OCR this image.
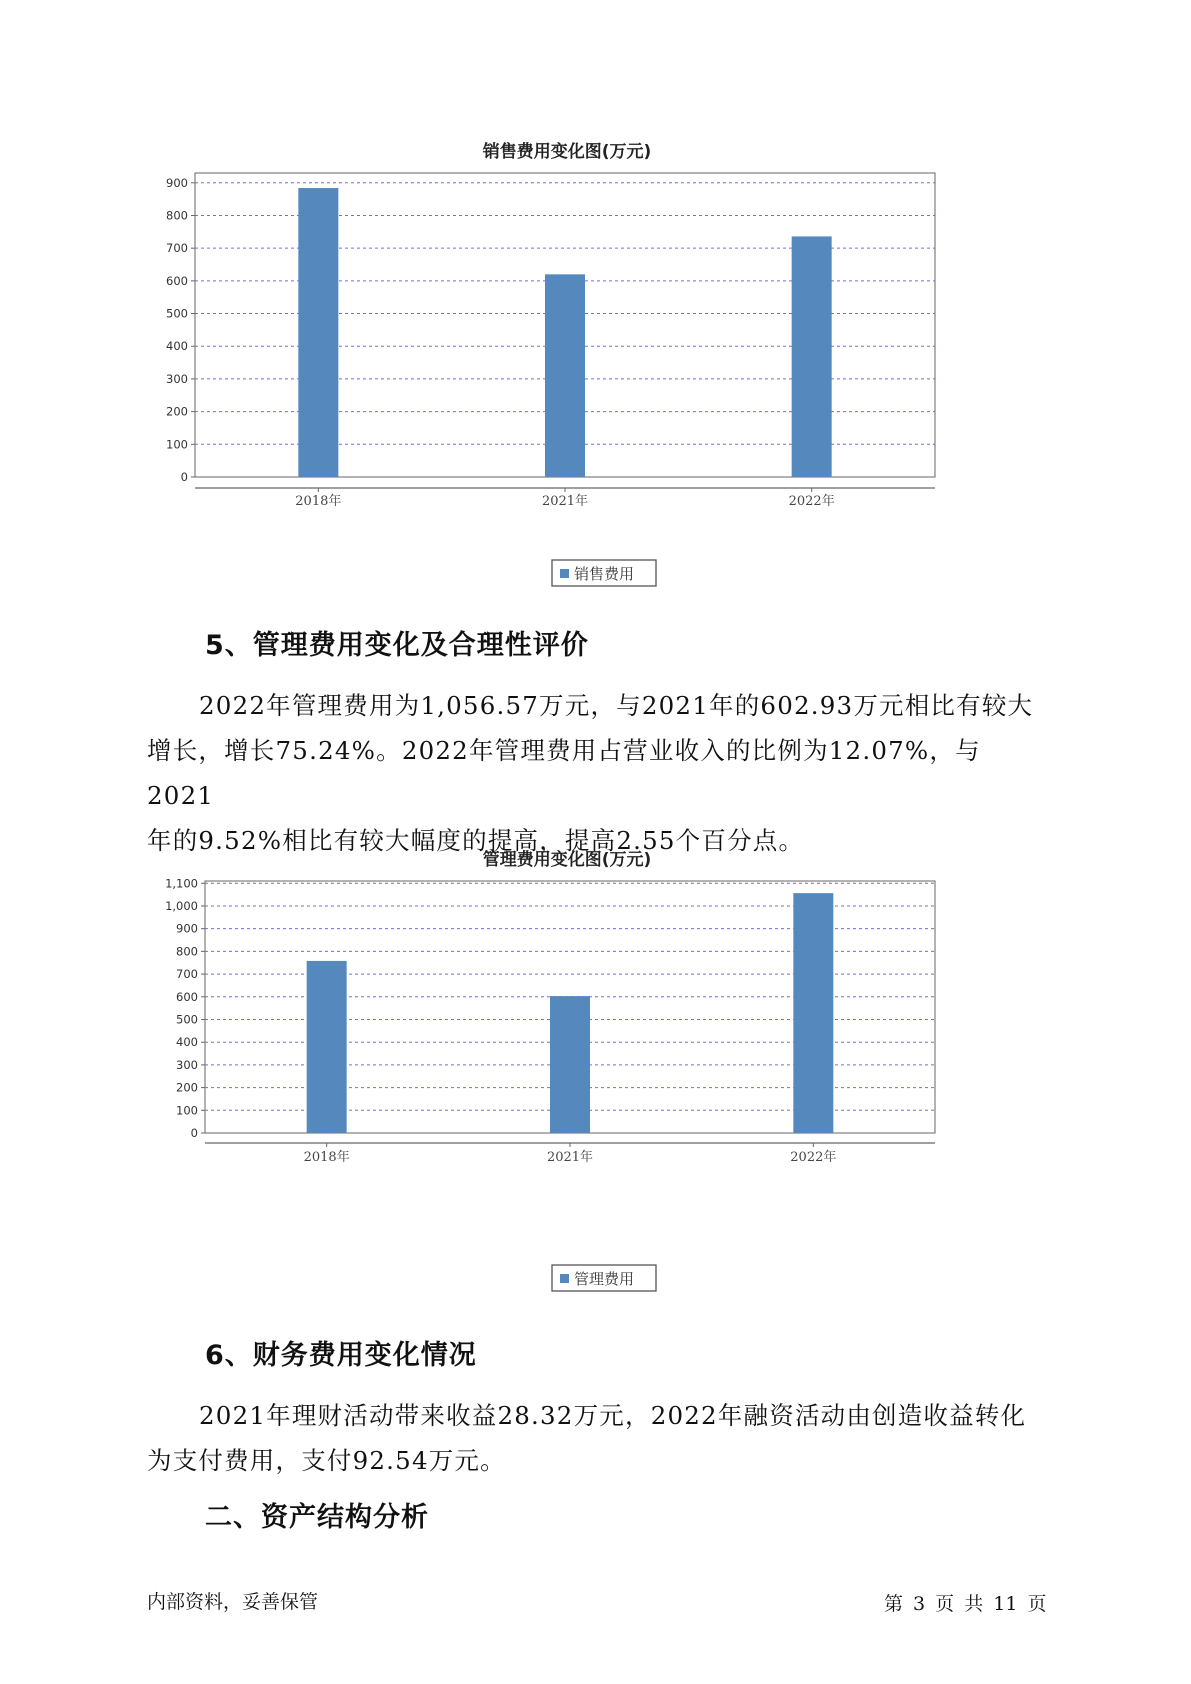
销售费用变化图(万元)
0
100
200
300
400
500
600
700
800
900
2018年	2021年	2022年
销售费用
5、管理费用变化及合理性评价
2022年管理费用为1,056.57万元，与2021年的602.93万元相比有较大
增长，增长75.24%。2022年管理费用占营业收入的比例为12.07%，与2021
年的9.52%相比有较大幅度的提高，提高2.55个百分点。
管理费用变化图(万元)
0
100
200
300
400
500
600
700
800
900
1,000
1,100
2018年	2021年	2022年
管理费用
6、财务费用变化情况
2021年理财活动带来收益28.32万元，2022年融资活动由创造收益转化
为支付费用，支付92.54万元。
二、资产结构分析
内部资料，妥善保管	第 3 页 共 11 页
